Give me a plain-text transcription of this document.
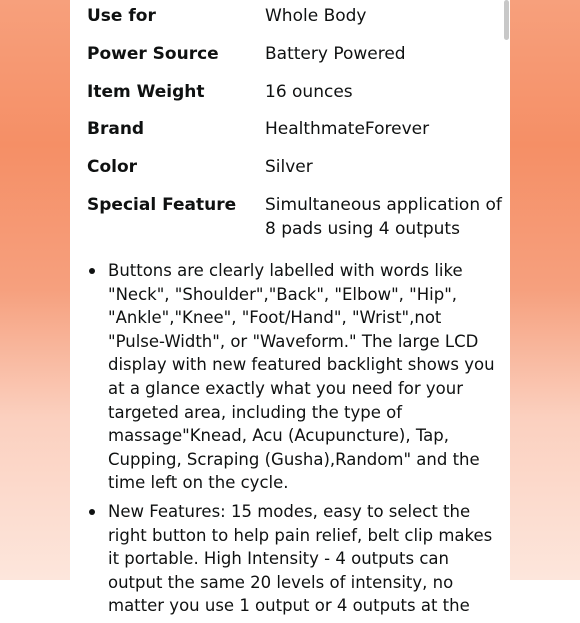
Use for	Whole Body
Power Source	Battery Powered
Item Weight	16 ounces
Brand	HealthmateForever
Color	Silver
Special Feature	Simultaneous application of 8 pads using 4 outputs
Buttons are clearly labelled with words like "Neck", "Shoulder","Back", "Elbow", "Hip", "Ankle","Knee", "Foot/Hand", "Wrist",not "Pulse-Width", or "Waveform." The large LCD display with new featured backlight shows you at a glance exactly what you need for your targeted area, including the type of massage"Knead, Acu (Acupuncture), Tap, Cupping, Scraping (Gusha),Random" and the time left on the cycle.
New Features: 15 modes, easy to select the right button to help pain relief, belt clip makes it portable. High Intensity - 4 outputs can output the same 20 levels of intensity, no matter you use 1 output or 4 outputs at the
